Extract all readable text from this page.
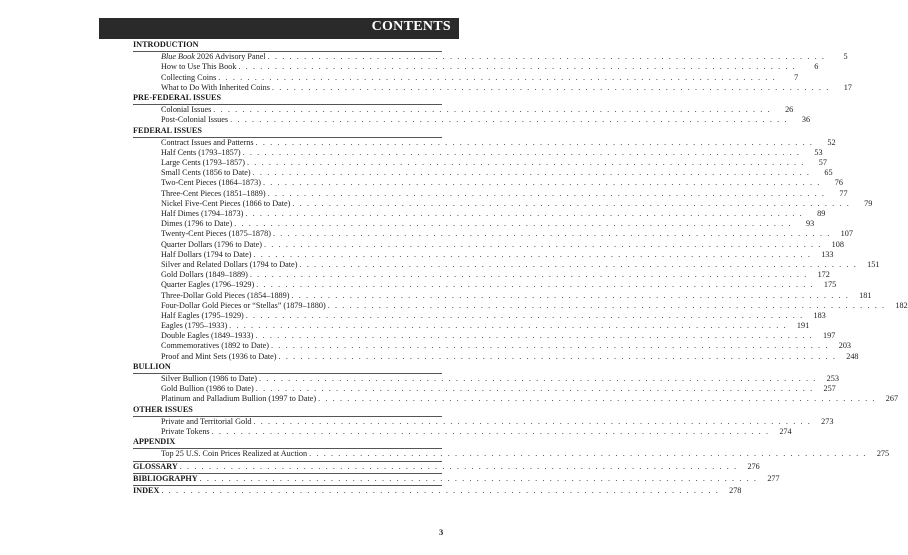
CONTENTS
INTRODUCTION
Blue Book 2026 Advisory Panel . . . . . . . . . . . . . . . . . . . . . . . . . . . . . . . . . . . . . . . . . . . . . . . . . . . . . . . . . . . . . . . . . . . . . . . . . . . . .	5
How to Use This Book . . . . . . . . . . . . . . . . . . . . . . . . . . . . . . . . . . . . . . . . . . . . . . . . . . . . . . . . . . . . . . . . . . . . . . . . . . . . .	6
Collecting Coins . . . . . . . . . . . . . . . . . . . . . . . . . . . . . . . . . . . . . . . . . . . . . . . . . . . . . . . . . . . . . . . . . . . . . . . . . . . . .	7
What to Do With Inherited Coins . . . . . . . . . . . . . . . . . . . . . . . . . . . . . . . . . . . . . . . . . . . . . . . . . . . . . . . . . . . . . . . . . . . . . . . . . . . . .	17
PRE-FEDERAL ISSUES
Colonial Issues . . . . . . . . . . . . . . . . . . . . . . . . . . . . . . . . . . . . . . . . . . . . . . . . . . . . . . . . . . . . . . . . . . . . . . . . . . . . .	26
Post-Colonial Issues . . . . . . . . . . . . . . . . . . . . . . . . . . . . . . . . . . . . . . . . . . . . . . . . . . . . . . . . . . . . . . . . . . . . . . . . . . . . .	36
FEDERAL ISSUES
Contract Issues and Patterns . . . . . . . . . . . . . . . . . . . . . . . . . . . . . . . . . . . . . . . . . . . . . . . . . . . . . . . . . . . . . . . . . . . . . . . . . . . . .	52
Half Cents (1793–1857) . . . . . . . . . . . . . . . . . . . . . . . . . . . . . . . . . . . . . . . . . . . . . . . . . . . . . . . . . . . . . . . . . . . . . . . . . . . . .	53
Large Cents (1793–1857) . . . . . . . . . . . . . . . . . . . . . . . . . . . . . . . . . . . . . . . . . . . . . . . . . . . . . . . . . . . . . . . . . . . . . . . . . . . . .	57
Small Cents (1856 to Date) . . . . . . . . . . . . . . . . . . . . . . . . . . . . . . . . . . . . . . . . . . . . . . . . . . . . . . . . . . . . . . . . . . . . . . . . . . . . .	65
Two-Cent Pieces (1864–1873) . . . . . . . . . . . . . . . . . . . . . . . . . . . . . . . . . . . . . . . . . . . . . . . . . . . . . . . . . . . . . . . . . . . . . . . . . . . . .	76
Three-Cent Pieces (1851–1889) . . . . . . . . . . . . . . . . . . . . . . . . . . . . . . . . . . . . . . . . . . . . . . . . . . . . . . . . . . . . . . . . . . . . . . . . . . . . .	77
Nickel Five-Cent Pieces (1866 to Date) . . . . . . . . . . . . . . . . . . . . . . . . . . . . . . . . . . . . . . . . . . . . . . . . . . . . . . . . . . . . . . . . . . . . . . . . . . . . .	79
Half Dimes (1794–1873) . . . . . . . . . . . . . . . . . . . . . . . . . . . . . . . . . . . . . . . . . . . . . . . . . . . . . . . . . . . . . . . . . . . . . . . . . . . . .	89
Dimes (1796 to Date) . . . . . . . . . . . . . . . . . . . . . . . . . . . . . . . . . . . . . . . . . . . . . . . . . . . . . . . . . . . . . . . . . . . . . . . . . . . . .	93
Twenty-Cent Pieces (1875–1878) . . . . . . . . . . . . . . . . . . . . . . . . . . . . . . . . . . . . . . . . . . . . . . . . . . . . . . . . . . . . . . . . . . . . . . . . . . . . .	107
Quarter Dollars (1796 to Date) . . . . . . . . . . . . . . . . . . . . . . . . . . . . . . . . . . . . . . . . . . . . . . . . . . . . . . . . . . . . . . . . . . . . . . . . . . . . .	108
Half Dollars (1794 to Date) . . . . . . . . . . . . . . . . . . . . . . . . . . . . . . . . . . . . . . . . . . . . . . . . . . . . . . . . . . . . . . . . . . . . . . . . . . . . .	133
Silver and Related Dollars (1794 to Date) . . . . . . . . . . . . . . . . . . . . . . . . . . . . . . . . . . . . . . . . . . . . . . . . . . . . . . . . . . . . . . . . . . . . . . . . . . . . .	151
Gold Dollars (1849–1889) . . . . . . . . . . . . . . . . . . . . . . . . . . . . . . . . . . . . . . . . . . . . . . . . . . . . . . . . . . . . . . . . . . . . . . . . . . . . .	172
Quarter Eagles (1796–1929) . . . . . . . . . . . . . . . . . . . . . . . . . . . . . . . . . . . . . . . . . . . . . . . . . . . . . . . . . . . . . . . . . . . . . . . . . . . . .	175
Three-Dollar Gold Pieces (1854–1889) . . . . . . . . . . . . . . . . . . . . . . . . . . . . . . . . . . . . . . . . . . . . . . . . . . . . . . . . . . . . . . . . . . . . . . . . . . . . .	181
Four-Dollar Gold Pieces or “Stellas” (1879–1880) . . . . . . . . . . . . . . . . . . . . . . . . . . . . . . . . . . . . . . . . . . . . . . . . . . . . . . . . . . . . . . . . . . . . . . . . . . . . .	182
Half Eagles (1795–1929) . . . . . . . . . . . . . . . . . . . . . . . . . . . . . . . . . . . . . . . . . . . . . . . . . . . . . . . . . . . . . . . . . . . . . . . . . . . . .	183
Eagles (1795–1933) . . . . . . . . . . . . . . . . . . . . . . . . . . . . . . . . . . . . . . . . . . . . . . . . . . . . . . . . . . . . . . . . . . . . . . . . . . . . .	191
Double Eagles (1849–1933) . . . . . . . . . . . . . . . . . . . . . . . . . . . . . . . . . . . . . . . . . . . . . . . . . . . . . . . . . . . . . . . . . . . . . . . . . . . . .	197
Commemoratives (1892 to Date) . . . . . . . . . . . . . . . . . . . . . . . . . . . . . . . . . . . . . . . . . . . . . . . . . . . . . . . . . . . . . . . . . . . . . . . . . . . . .	203
Proof and Mint Sets (1936 to Date) . . . . . . . . . . . . . . . . . . . . . . . . . . . . . . . . . . . . . . . . . . . . . . . . . . . . . . . . . . . . . . . . . . . . . . . . . . . . .	248
BULLION
Silver Bullion (1986 to Date) . . . . . . . . . . . . . . . . . . . . . . . . . . . . . . . . . . . . . . . . . . . . . . . . . . . . . . . . . . . . . . . . . . . . . . . . . . . . .	253
Gold Bullion (1986 to Date) . . . . . . . . . . . . . . . . . . . . . . . . . . . . . . . . . . . . . . . . . . . . . . . . . . . . . . . . . . . . . . . . . . . . . . . . . . . . .	257
Platinum and Palladium Bullion (1997 to Date) . . . . . . . . . . . . . . . . . . . . . . . . . . . . . . . . . . . . . . . . . . . . . . . . . . . . . . . . . . . . . . . . . . . . . . . . . . . . .	267
OTHER ISSUES
Private and Territorial Gold . . . . . . . . . . . . . . . . . . . . . . . . . . . . . . . . . . . . . . . . . . . . . . . . . . . . . . . . . . . . . . . . . . . . . . . . . . . . .	273
Private Tokens . . . . . . . . . . . . . . . . . . . . . . . . . . . . . . . . . . . . . . . . . . . . . . . . . . . . . . . . . . . . . . . . . . . . . . . . . . . . .	274
APPENDIX
Top 25 U.S. Coin Prices Realized at Auction . . . . . . . . . . . . . . . . . . . . . . . . . . . . . . . . . . . . . . . . . . . . . . . . . . . . . . . . . . . . . . . . . . . . . . . . . . . . .	275
GLOSSARY . . . . . . . . . . . . . . . . . . . . . . . . . . . . . . . . . . . . . . . . . . . . . . . . . . . . . . . . . . . . . . . . . . . . . . . . . . . . .	276
BIBLIOGRAPHY . . . . . . . . . . . . . . . . . . . . . . . . . . . . . . . . . . . . . . . . . . . . . . . . . . . . . . . . . . . . . . . . . . . . . . . . . . . . .	277
INDEX . . . . . . . . . . . . . . . . . . . . . . . . . . . . . . . . . . . . . . . . . . . . . . . . . . . . . . . . . . . . . . . . . . . . . . . . . . . . .	278
3
